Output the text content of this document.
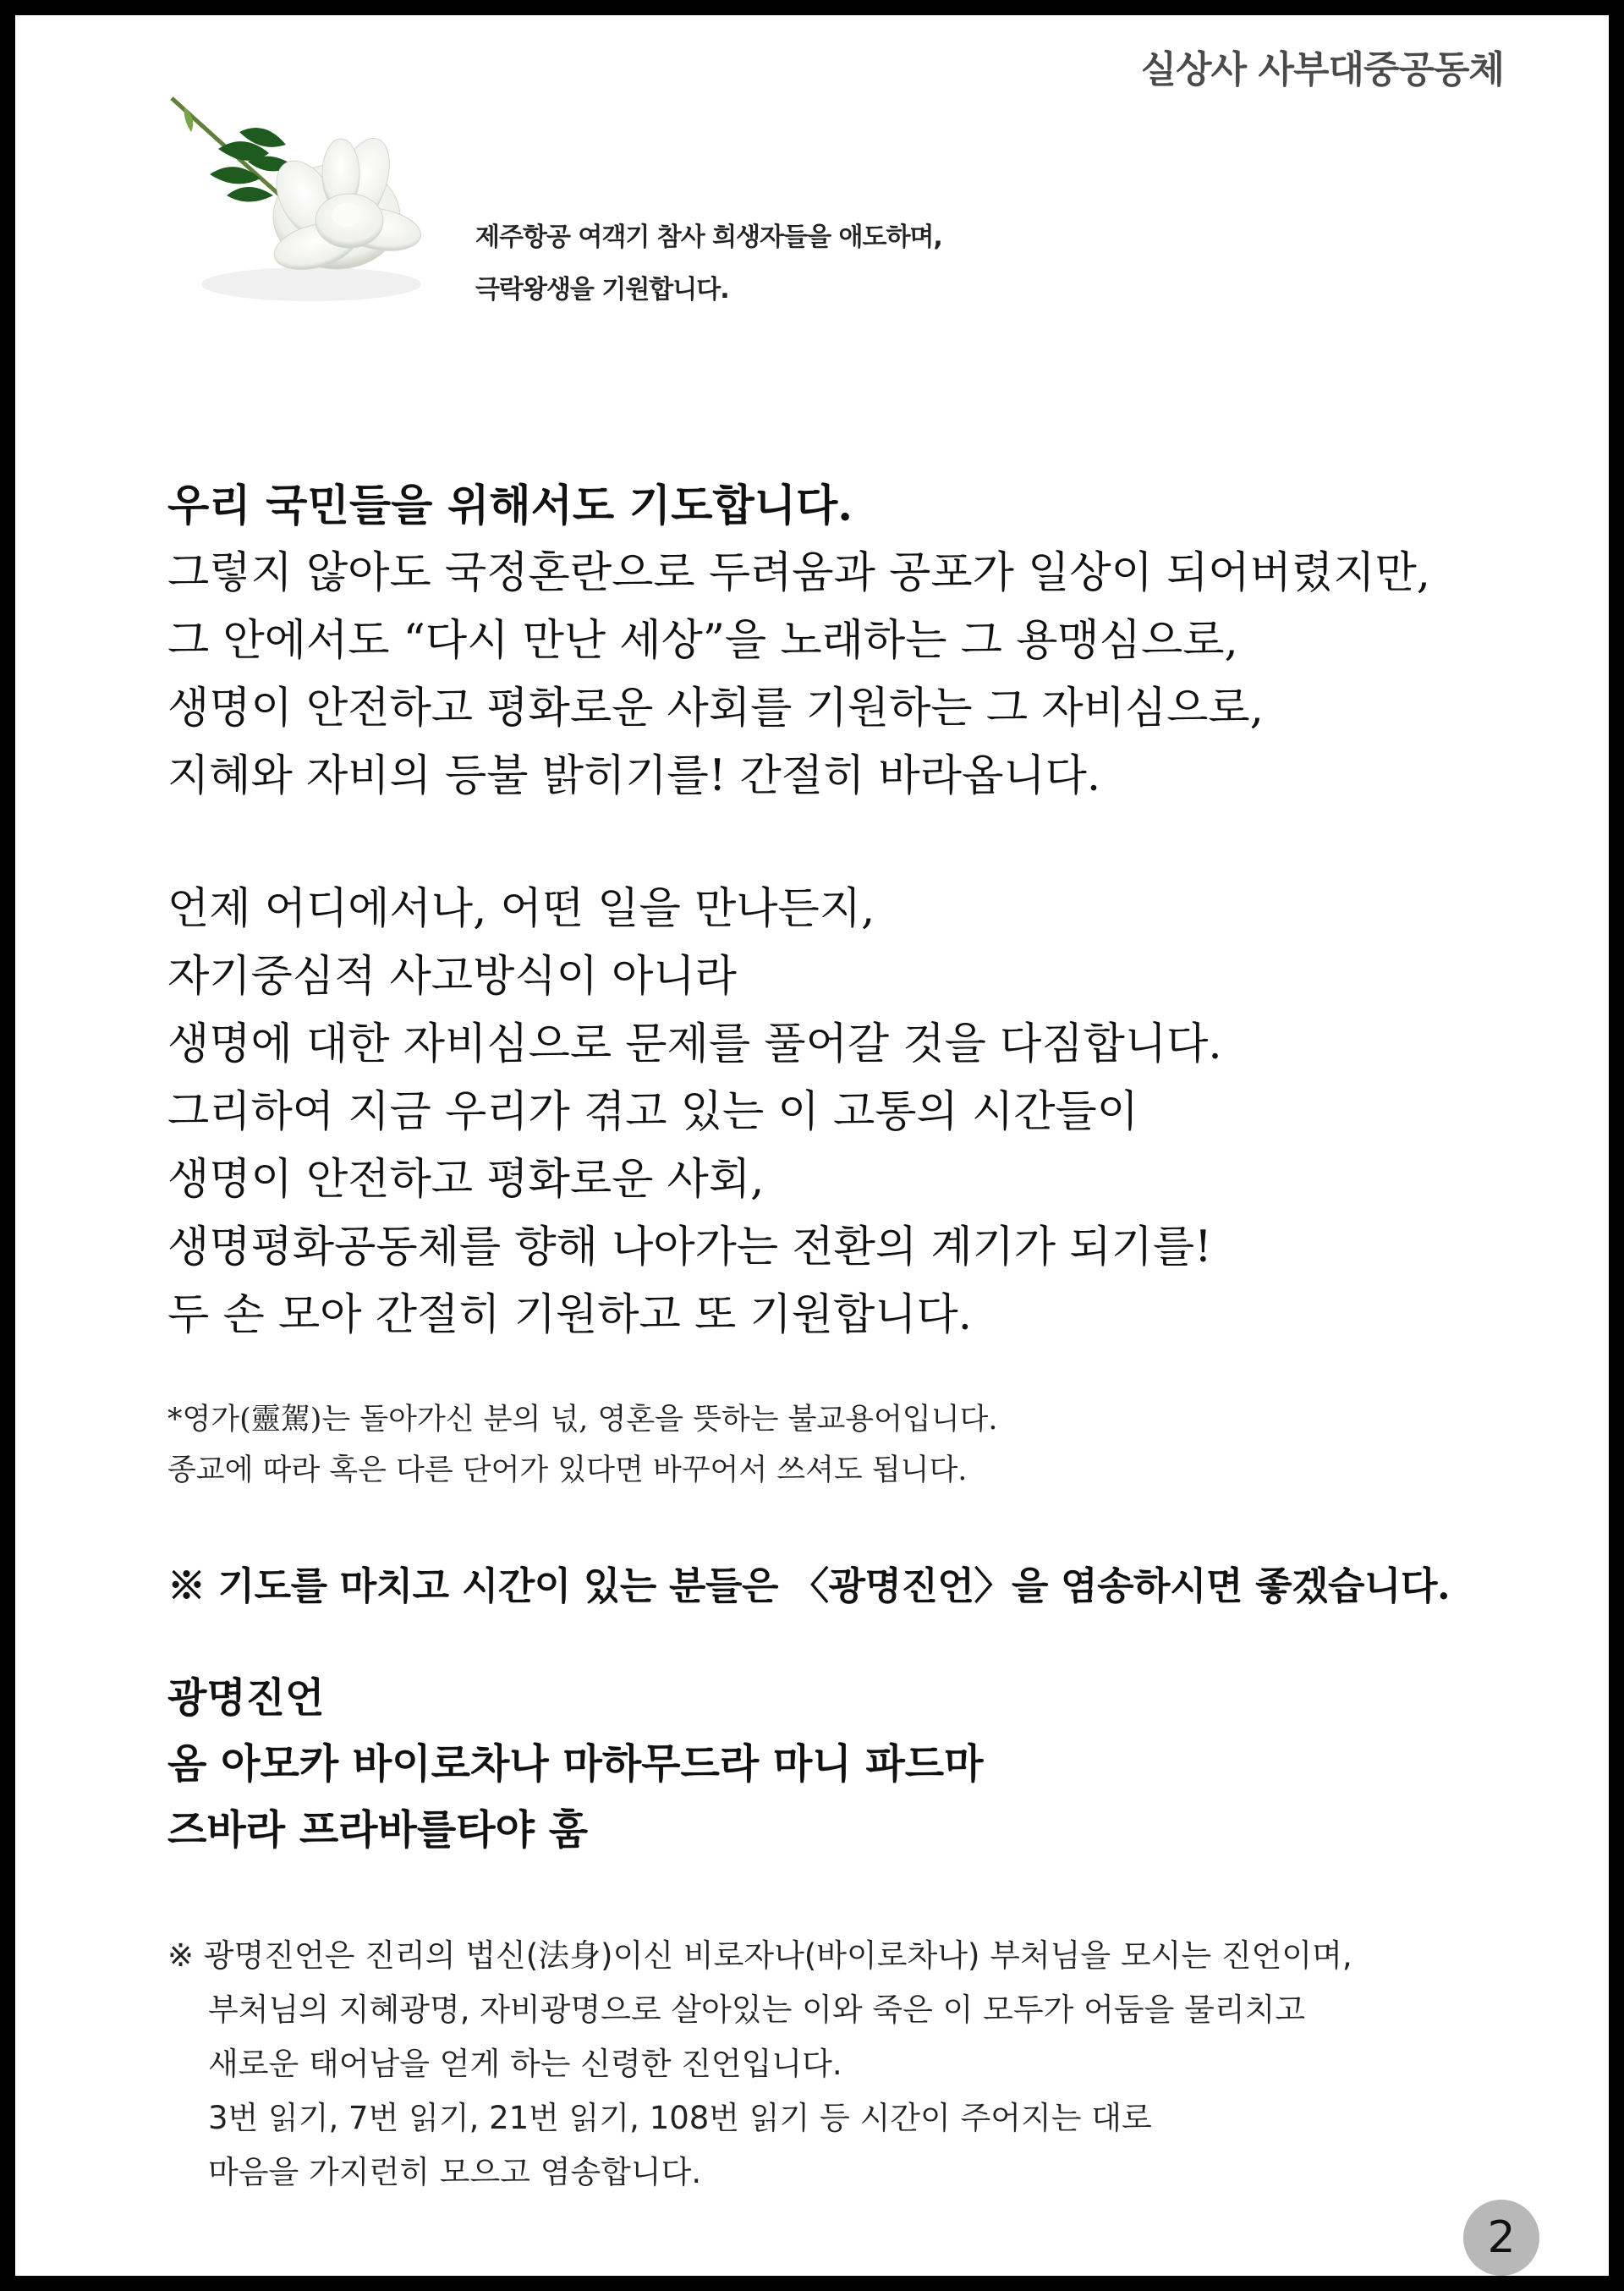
실상사 사부대중공동체
제주항공 여객기 참사 희생자들을 애도하며,
극락왕생을 기원합니다.
우리 국민들을 위해서도 기도합니다.
그렇지 않아도 국정혼란으로 두려움과 공포가 일상이 되어버렸지만,
그 안에서도 “다시 만난 세상”을 노래하는 그 용맹심으로,
생명이 안전하고 평화로운 사회를 기원하는 그 자비심으로,
지혜와 자비의 등불 밝히기를! 간절히 바라옵니다.
언제 어디에서나, 어떤 일을 만나든지,
자기중심적 사고방식이 아니라
생명에 대한 자비심으로 문제를 풀어갈 것을 다짐합니다.
그리하여 지금 우리가 겪고 있는 이 고통의 시간들이
생명이 안전하고 평화로운 사회,
생명평화공동체를 향해 나아가는 전환의 계기가 되기를!
두 손 모아 간절히 기원하고 또 기원합니다.
*영가(靈駕)는 돌아가신 분의 넋, 영혼을 뜻하는 불교용어입니다.
종교에 따라 혹은 다른 단어가 있다면 바꾸어서 쓰셔도 됩니다.
※ 기도를 마치고 시간이 있는 분들은 〈광명진언〉을 염송하시면 좋겠습니다.
광명진언
옴 아모카 바이로차나 마하무드라 마니 파드마
즈바라 프라바를타야 훔
※ 광명진언은 진리의 법신(法身)이신 비로자나(바이로차나) 부처님을 모시는 진언이며,
부처님의 지혜광명, 자비광명으로 살아있는 이와 죽은 이 모두가 어둠을 물리치고
새로운 태어남을 얻게 하는 신령한 진언입니다.
3번 읽기, 7번 읽기, 21번 읽기, 108번 읽기 등 시간이 주어지는 대로
마음을 가지런히 모으고 염송합니다.
2
